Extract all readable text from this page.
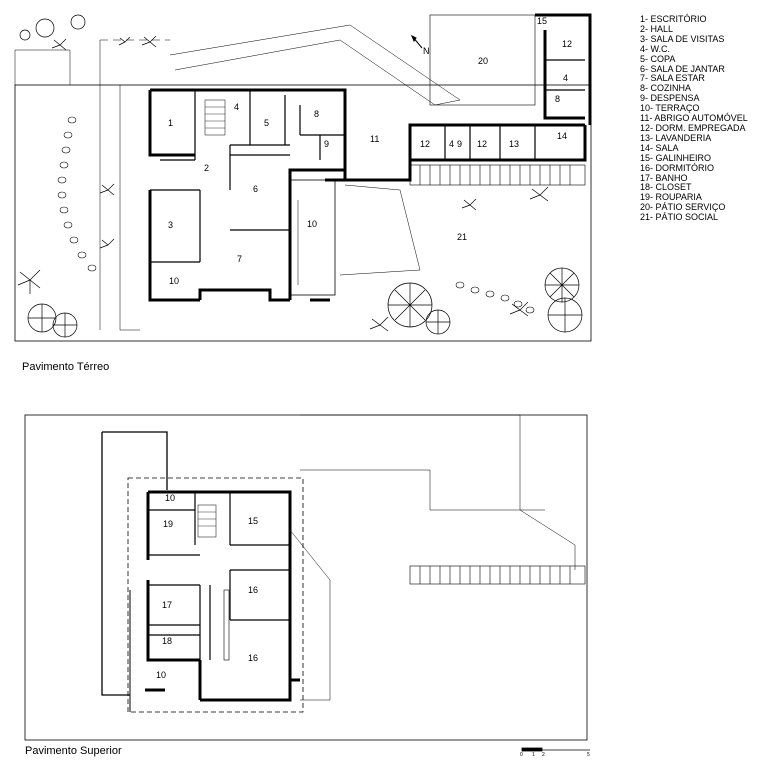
1
2
3
4
5
6
7
8
9
10
10
11	12 4 9 12 13
14
12
15
20
4
8
21
N
10
19	15
16
17
18
16
10
Pavimento Térreo
Pavimento Superior	0 1 2	5
1- ESCRITÓRIO
2- HALL
3- SALA DE VISITAS
4- W.C.
5- COPA
6- SALA DE JANTAR
7- SALA ESTAR
8- COZINHA
9- DESPENSA
10- TERRAÇO
11- ABRIGO AUTOMÓVEL
12- DORM. EMPREGADA
13- LAVANDERIA
14- SALA
15- GALINHEIRO
16- DORMITÓRIO
17- BANHO
18- CLOSET
19- ROUPARIA
20- PÁTIO SERVIÇO
21- PÁTIO SOCIAL
